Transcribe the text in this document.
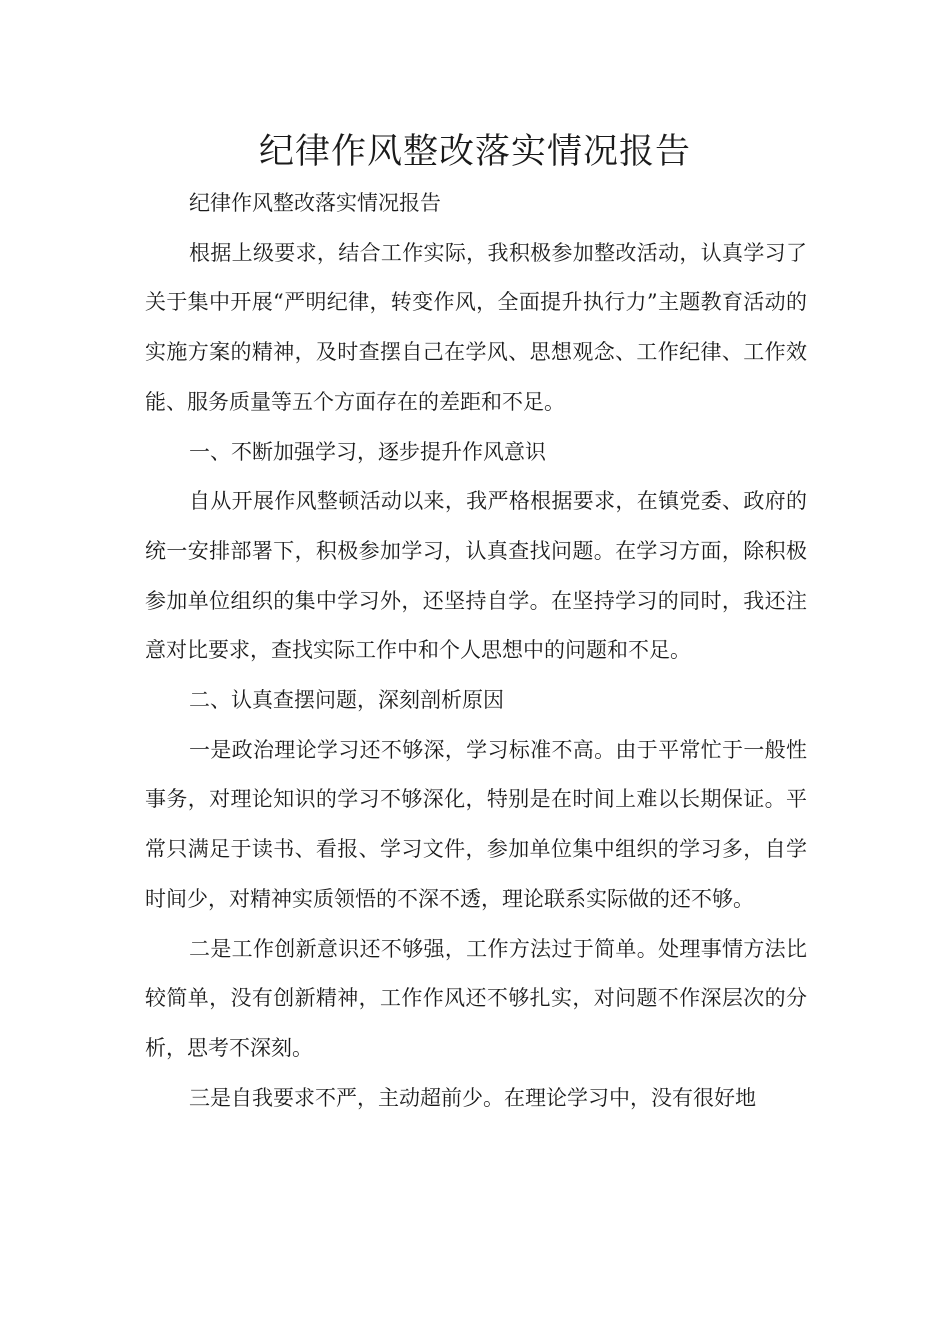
纪律作风整改落实情况报告

纪律作风整改落实情况报告

根据上级要求，结合工作实际，我积极参加整改活动，认真学习了关于集中开展“严明纪律，转变作风，全面提升执行力”主题教育活动的实施方案的精神，及时查摆自己在学风、思想观念、工作纪律、工作效能、服务质量等五个方面存在的差距和不足。

一、不断加强学习，逐步提升作风意识

自从开展作风整顿活动以来，我严格根据要求，在镇党委、政府的统一安排部署下，积极参加学习，认真查找问题。在学习方面，除积极参加单位组织的集中学习外，还坚持自学。在坚持学习的同时，我还注意对比要求，查找实际工作中和个人思想中的问题和不足。

二、认真查摆问题，深刻剖析原因

一是政治理论学习还不够深，学习标准不高。由于平常忙于一般性事务，对理论知识的学习不够深化，特别是在时间上难以长期保证。平常只满足于读书、看报、学习文件，参加单位集中组织的学习多，自学时间少，对精神实质领悟的不深不透，理论联系实际做的还不够。

二是工作创新意识还不够强，工作方法过于简单。处理事情方法比较简单，没有创新精神，工作作风还不够扎实，对问题不作深层次的分析，思考不深刻。

三是自我要求不严，主动超前少。在理论学习中，没有很好地
